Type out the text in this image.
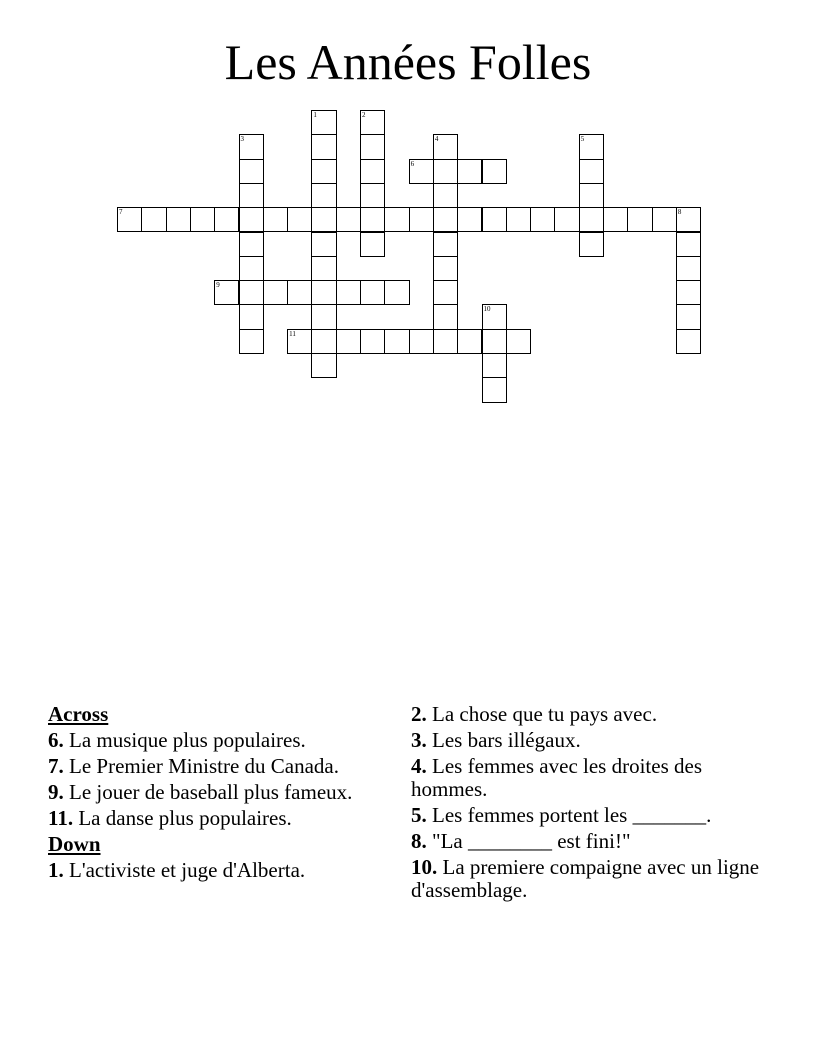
Les Années Folles
1	2
3	4	5
6
7	8
9
10
11
Across
6. La musique plus populaires.
7. Le Premier Ministre du Canada.
9. Le jouer de baseball plus fameux.
11. La danse plus populaires.
Down
1. L'activiste et juge d'Alberta.
2. La chose que tu pays avec.
3. Les bars illégaux.
4. Les femmes avec les droites des hommes.
5. Les femmes portent les _______.
8. "La ________ est fini!"
10. La premiere compaigne avec un ligne d'assemblage.
